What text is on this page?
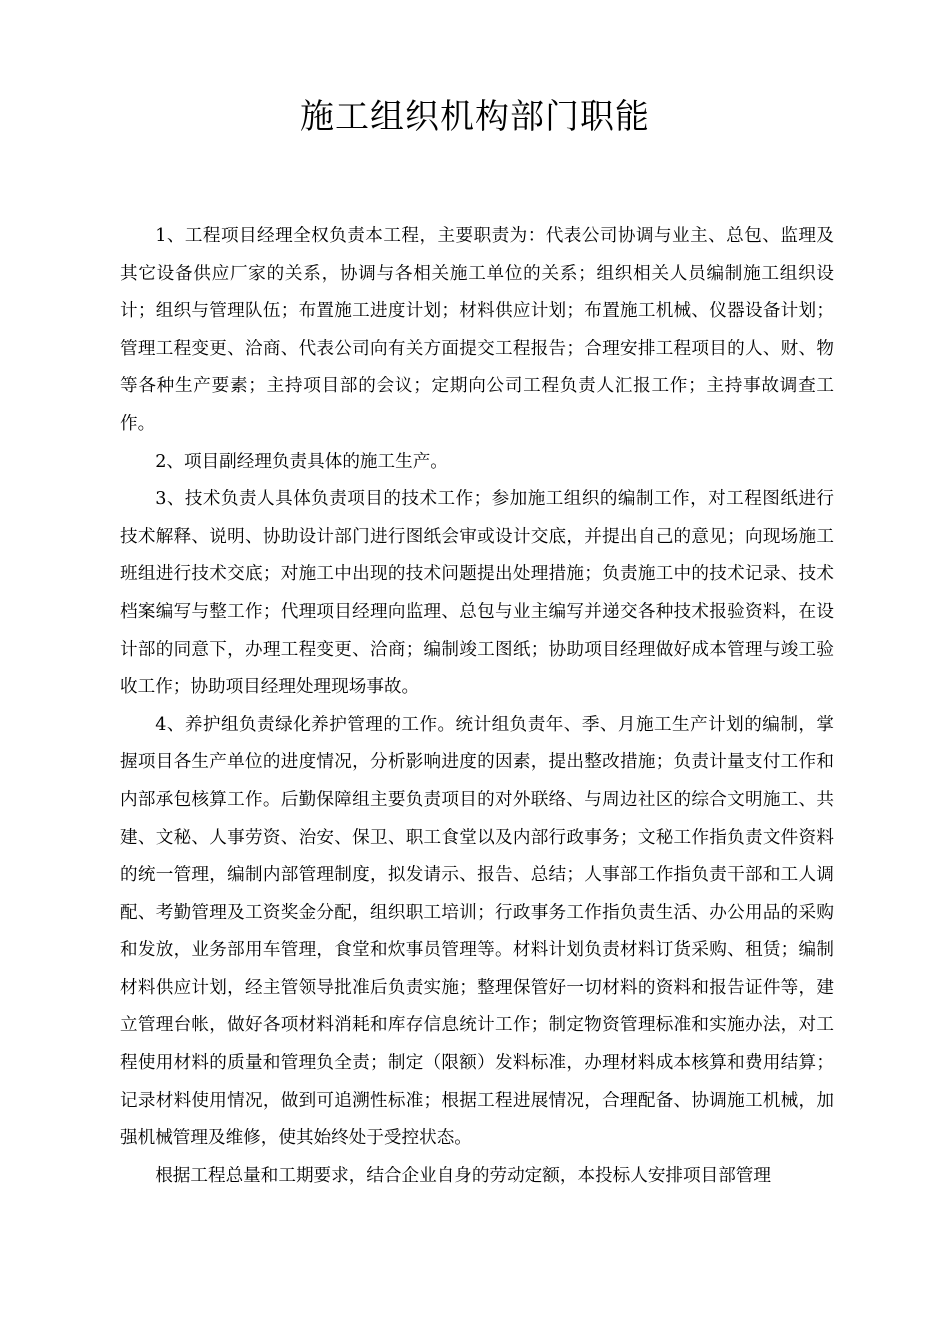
施工组织机构部门职能

1、工程项目经理全权负责本工程，主要职责为：代表公司协调与业主、总包、监理及其它设备供应厂家的关系，协调与各相关施工单位的关系；组织相关人员编制施工组织设计；组织与管理队伍；布置施工进度计划；材料供应计划；布置施工机械、仪器设备计划；管理工程变更、洽商、代表公司向有关方面提交工程报告；合理安排工程项目的人、财、物等各种生产要素；主持项目部的会议；定期向公司工程负责人汇报工作；主持事故调查工作。

2、项目副经理负责具体的施工生产。

3、技术负责人具体负责项目的技术工作；参加施工组织的编制工作，对工程图纸进行技术解释、说明、协助设计部门进行图纸会审或设计交底，并提出自己的意见；向现场施工班组进行技术交底；对施工中出现的技术问题提出处理措施；负责施工中的技术记录、技术档案编写与整工作；代理项目经理向监理、总包与业主编写并递交各种技术报验资料，在设计部的同意下，办理工程变更、洽商；编制竣工图纸；协助项目经理做好成本管理与竣工验收工作；协助项目经理处理现场事故。

4、养护组负责绿化养护管理的工作。统计组负责年、季、月施工生产计划的编制，掌握项目各生产单位的进度情况，分析影响进度的因素，提出整改措施；负责计量支付工作和内部承包核算工作。后勤保障组主要负责项目的对外联络、与周边社区的综合文明施工、共建、文秘、人事劳资、治安、保卫、职工食堂以及内部行政事务；文秘工作指负责文件资料的统一管理，编制内部管理制度，拟发请示、报告、总结；人事部工作指负责干部和工人调配、考勤管理及工资奖金分配，组织职工培训；行政事务工作指负责生活、办公用品的采购和发放，业务部用车管理，食堂和炊事员管理等。材料计划负责材料订货采购、租赁；编制材料供应计划，经主管领导批准后负责实施；整理保管好一切材料的资料和报告证件等，建立管理台帐，做好各项材料消耗和库存信息统计工作；制定物资管理标准和实施办法，对工程使用材料的质量和管理负全责；制定（限额）发料标准，办理材料成本核算和费用结算；记录材料使用情况，做到可追溯性标准；根据工程进展情况，合理配备、协调施工机械，加强机械管理及维修，使其始终处于受控状态。

根据工程总量和工期要求，结合企业自身的劳动定额，本投标人安排项目部管理
